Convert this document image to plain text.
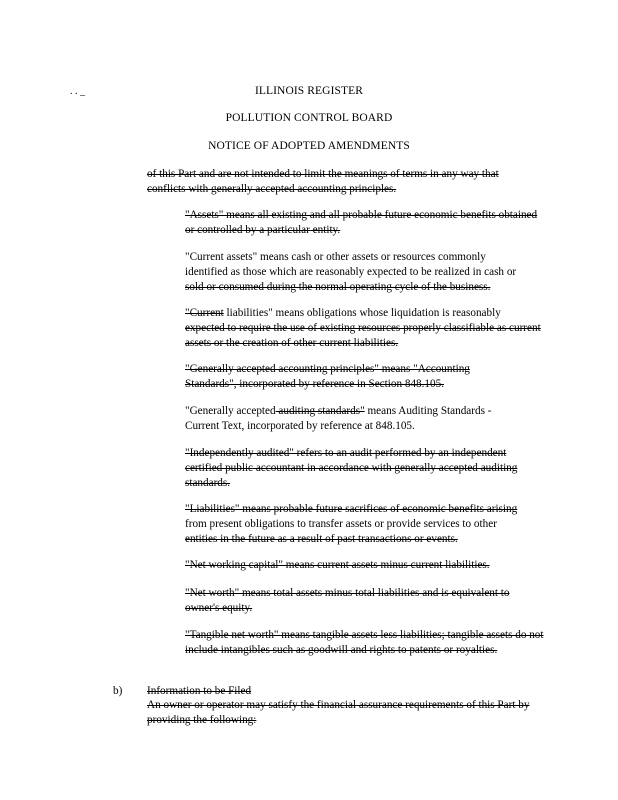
. . _	ILLINOIS REGISTER
POLLUTION CONTROL BOARD
NOTICE OF ADOPTED AMENDMENTS
of this Part and are not intended to limit the meanings of terms in any way that conflicts with generally accepted accounting principles.
"Assets" means all existing and all probable future economic benefits obtained or controlled by a particular entity.
"Current assets" means cash or other assets or resources commonly
identified as those which are reasonably expected to be realized in cash or
sold or consumed during the normal operating cycle of the business.
"Current liabilities" means obligations whose liquidation is reasonably
expected to require the use of existing resources properly classifiable as current assets or the creation of other current liabilities.
"Generally accepted accounting principles" means "Accounting Standards", incorporated by reference in Section 848.105.
"Generally accepted auditing standards" means Auditing Standards -
Current Text, incorporated by reference at 848.105.
"Independently audited" refers to an audit performed by an independent certified public accountant in accordance with generally accepted auditing standards.
"Liabilities" means probable future sacrifices of economic benefits arising
from present obligations to transfer assets or provide services to other
entities in the future as a result of past transactions or events.
"Net working capital" means current assets minus current liabilities.
"Net worth" means total assets minus total liabilities and is equivalent to owner's equity.
"Tangible net worth" means tangible assets less liabilities; tangible assets do not include intangibles such as goodwill and rights to patents or royalties.
b) Information to be Filed
An owner or operator may satisfy the financial assurance requirements of this Part by providing the following:
